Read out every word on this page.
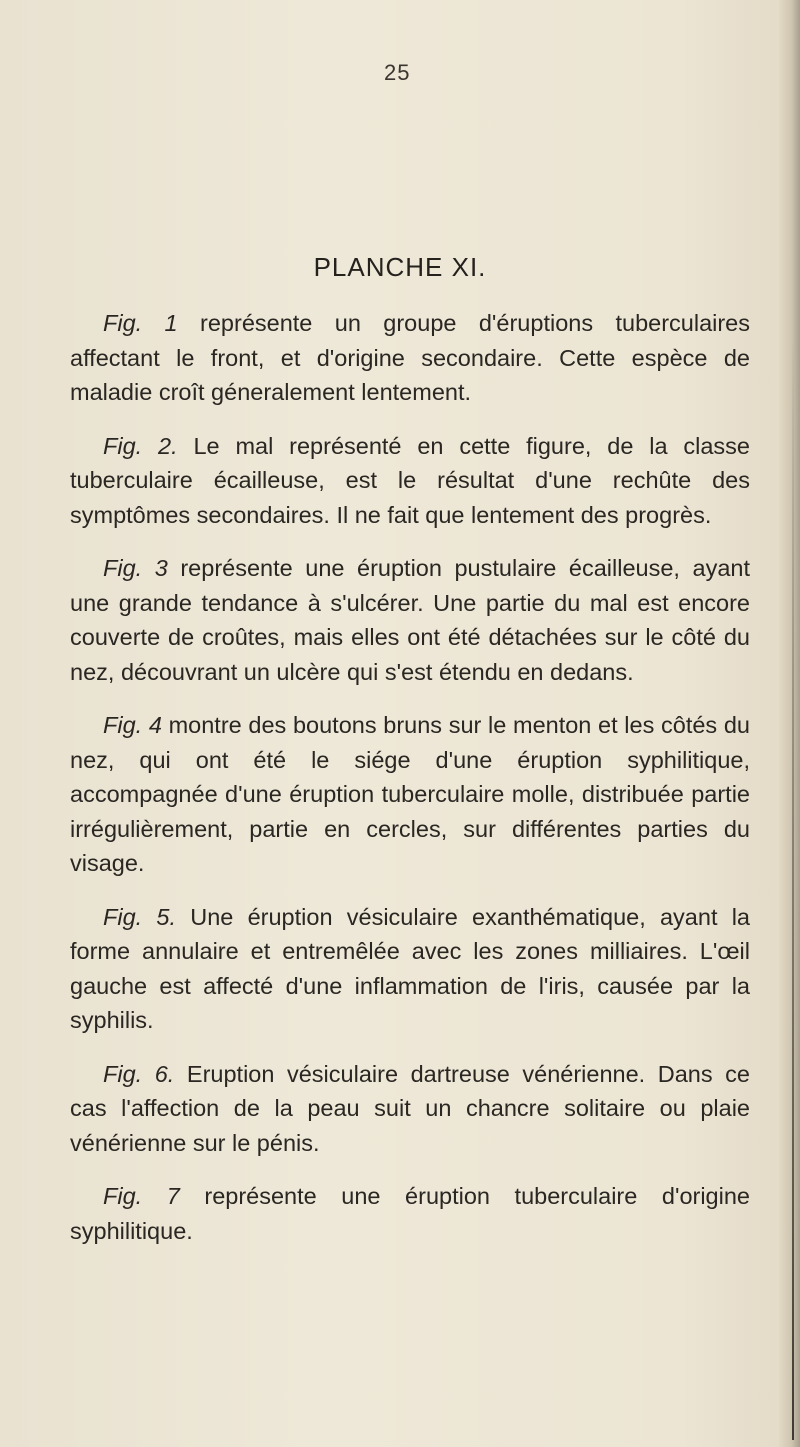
25
PLANCHE XI.

Fig. 1 représente un groupe d'éruptions tuberculaires affectant le front, et d'origine secondaire. Cette espèce de maladie croît géneralement lentement.

Fig. 2. Le mal représenté en cette figure, de la classe tuberculaire écailleuse, est le résultat d'une rechûte des symptômes secondaires. Il ne fait que lentement des progrès.

Fig. 3 représente une éruption pustulaire écailleuse, ayant une grande tendance à s'ulcérer. Une partie du mal est encore couverte de croûtes, mais elles ont été détachées sur le côté du nez, découvrant un ulcère qui s'est étendu en dedans.

Fig. 4 montre des boutons bruns sur le menton et les côtés du nez, qui ont été le siége d'une éruption syphilitique, accompagnée d'une éruption tuberculaire molle, distribuée partie irrégulièrement, partie en cercles, sur différentes parties du visage.

Fig. 5. Une éruption vésiculaire exanthématique, ayant la forme annulaire et entremêlée avec les zones milliaires. L'œil gauche est affecté d'une inflammation de l'iris, causée par la syphilis.

Fig. 6. Eruption vésiculaire dartreuse vénérienne. Dans ce cas l'affection de la peau suit un chancre solitaire ou plaie vénérienne sur le pénis.

Fig. 7 représente une éruption tuberculaire d'origine syphilitique.
